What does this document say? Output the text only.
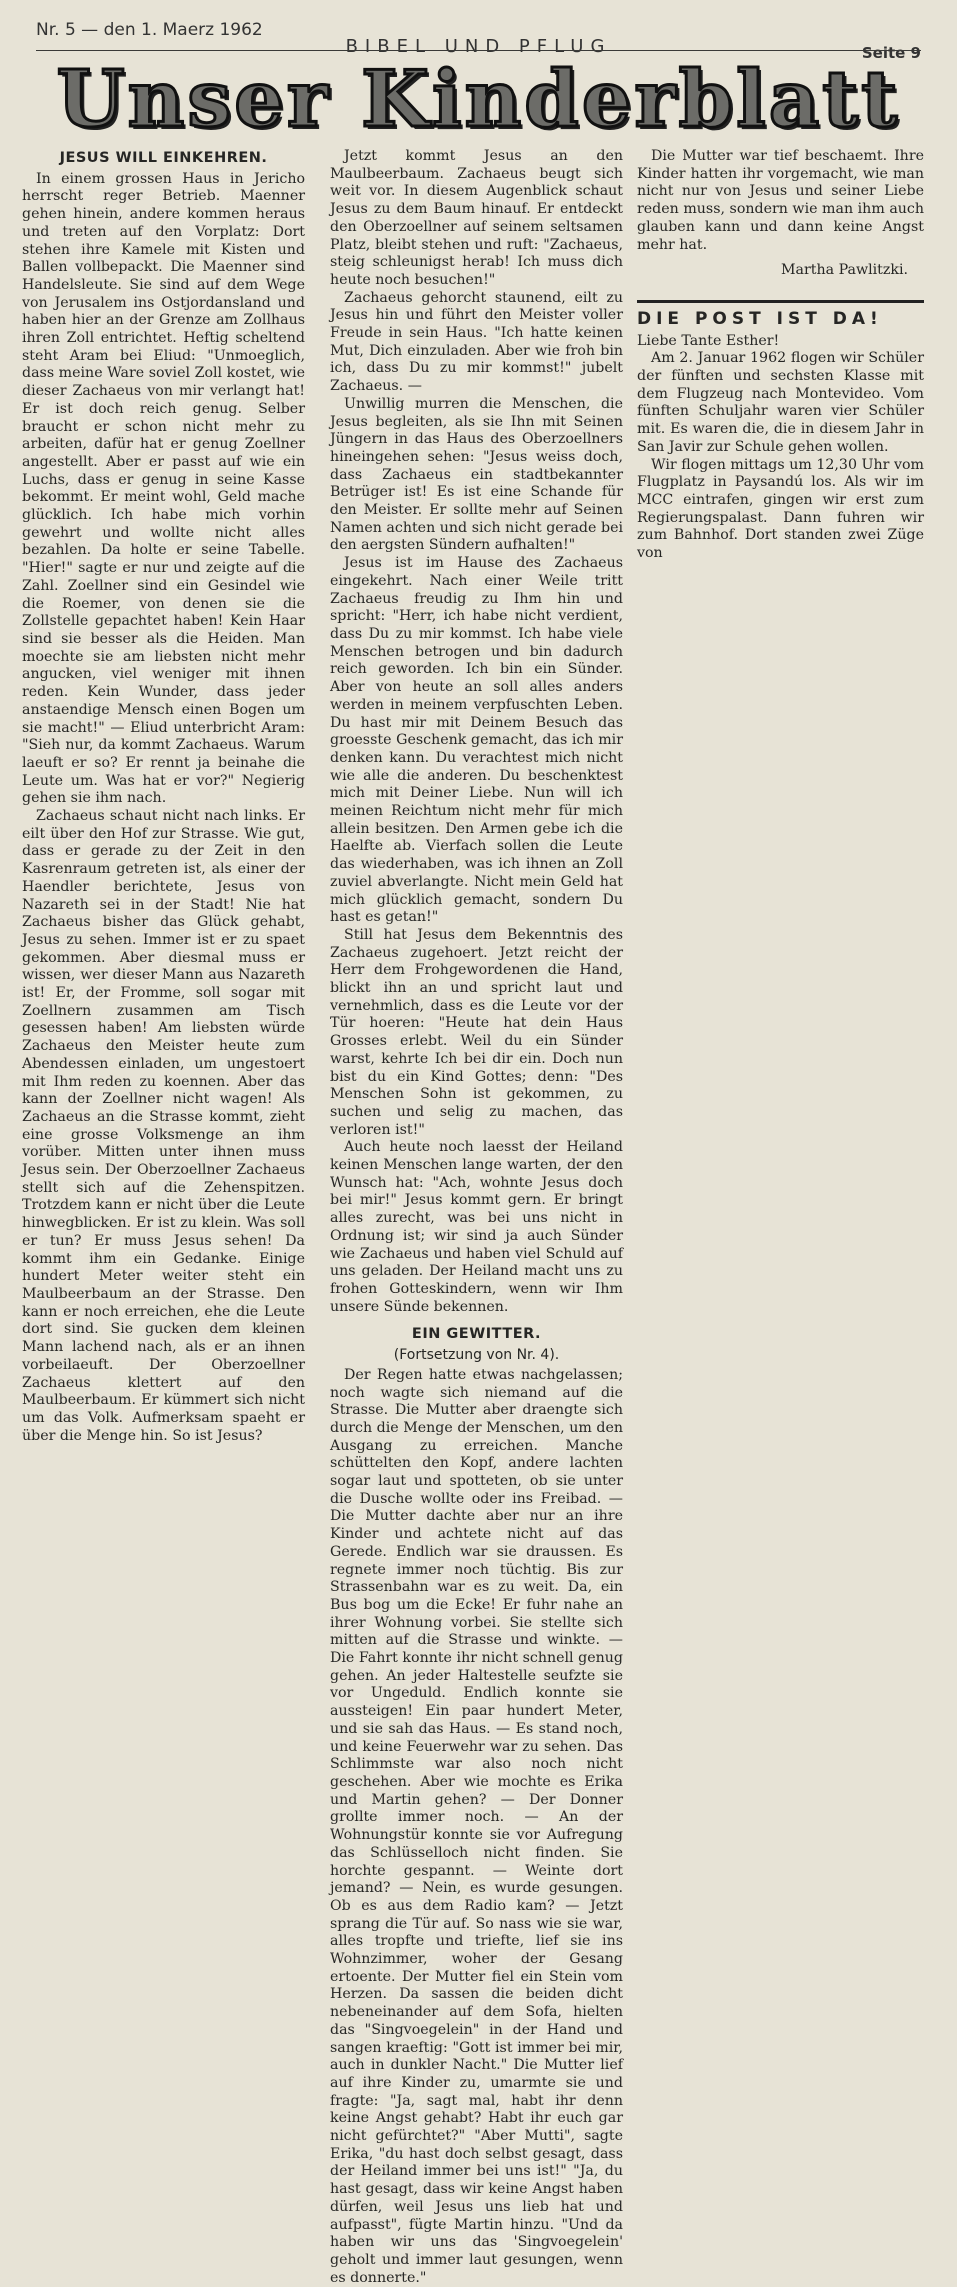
Nr. 5 — den 1. Maerz 1962
BIBEL UND PFLUG	Seite 9
Unser Kinderblatt
JESUS WILL EINKEHREN.

In einem grossen Haus in Jericho herrscht reger Betrieb. Maenner gehen hinein, andere kommen heraus und treten auf den Vorplatz: Dort stehen ihre Kamele mit Kisten und Ballen vollbepackt. Die Maenner sind Handelsleute. Sie sind auf dem Wege von Jerusalem ins Ostjordansland und haben hier an der Grenze am Zollhaus ihren Zoll entrichtet. Heftig scheltend steht Aram bei Eliud: "Unmoeglich, dass meine Ware soviel Zoll kostet, wie dieser Zachaeus von mir verlangt hat! Er ist doch reich genug. Selber braucht er schon nicht mehr zu arbeiten, dafür hat er genug Zoellner angestellt. Aber er passt auf wie ein Luchs, dass er genug in seine Kasse bekommt. Er meint wohl, Geld mache glücklich. Ich habe mich vorhin gewehrt und wollte nicht alles bezahlen. Da holte er seine Tabelle. "Hier!" sagte er nur und zeigte auf die Zahl. Zoellner sind ein Gesindel wie die Roemer, von denen sie die Zollstelle gepachtet haben! Kein Haar sind sie besser als die Heiden. Man moechte sie am liebsten nicht mehr angucken, viel weniger mit ihnen reden. Kein Wunder, dass jeder anstaendige Mensch einen Bogen um sie macht!" — Eliud unterbricht Aram: "Sieh nur, da kommt Zachaeus. Warum laeuft er so? Er rennt ja beinahe die Leute um. Was hat er vor?" Negierig gehen sie ihm nach.

Zachaeus schaut nicht nach links. Er eilt über den Hof zur Strasse. Wie gut, dass er gerade zu der Zeit in den Kasrenraum getreten ist, als einer der Haendler berichtete, Jesus von Nazareth sei in der Stadt! Nie hat Zachaeus bisher das Glück gehabt, Jesus zu sehen. Immer ist er zu spaet gekommen. Aber diesmal muss er wissen, wer dieser Mann aus Nazareth ist! Er, der Fromme, soll sogar mit Zoellnern zusammen am Tisch gesessen haben! Am liebsten würde Zachaeus den Meister heute zum Abendessen einladen, um ungestoert mit Ihm reden zu koennen. Aber das kann der Zoellner nicht wagen! Als Zachaeus an die Strasse kommt, zieht eine grosse Volksmenge an ihm vorüber. Mitten unter ihnen muss Jesus sein. Der Oberzoellner Zachaeus stellt sich auf die Zehenspitzen. Trotzdem kann er nicht über die Leute hinwegblicken. Er ist zu klein. Was soll er tun? Er muss Jesus sehen! Da kommt ihm ein Gedanke. Einige hundert Meter weiter steht ein Maulbeerbaum an der Strasse. Den kann er noch erreichen, ehe die Leute dort sind. Sie gucken dem kleinen Mann lachend nach, als er an ihnen vorbeilaeuft. Der Oberzoellner Zachaeus klettert auf den Maulbeerbaum. Er kümmert sich nicht um das Volk. Aufmerksam spaeht er über die Menge hin. So ist Jesus?

Jetzt kommt Jesus an den Maulbeerbaum. Zachaeus beugt sich weit vor. In diesem Augenblick schaut Jesus zu dem Baum hinauf. Er entdeckt den Oberzoellner auf seinem seltsamen Platz, bleibt stehen und ruft: "Zachaeus, steig schleunigst herab! Ich muss dich heute noch besuchen!"

Zachaeus gehorcht staunend, eilt zu Jesus hin und führt den Meister voller Freude in sein Haus. "Ich hatte keinen Mut, Dich einzuladen. Aber wie froh bin ich, dass Du zu mir kommst!" jubelt Zachaeus. —

Unwillig murren die Menschen, die Jesus begleiten, als sie Ihn mit Seinen Jüngern in das Haus des Oberzoellners hineingehen sehen: "Jesus weiss doch, dass Zachaeus ein stadtbekannter Betrüger ist! Es ist eine Schande für den Meister. Er sollte mehr auf Seinen Namen achten und sich nicht gerade bei den aergsten Sündern aufhalten!"

Jesus ist im Hause des Zachaeus eingekehrt. Nach einer Weile tritt Zachaeus freudig zu Ihm hin und spricht: "Herr, ich habe nicht verdient, dass Du zu mir kommst. Ich habe viele Menschen betrogen und bin dadurch reich geworden. Ich bin ein Sünder. Aber von heute an soll alles anders werden in meinem verpfuschten Leben. Du hast mir mit Deinem Besuch das groesste Geschenk gemacht, das ich mir denken kann. Du verachtest mich nicht wie alle die anderen. Du beschenktest mich mit Deiner Liebe. Nun will ich meinen Reichtum nicht mehr für mich allein besitzen. Den Armen gebe ich die Haelfte ab. Vierfach sollen die Leute das wiederhaben, was ich ihnen an Zoll zuviel abverlangte. Nicht mein Geld hat mich glücklich gemacht, sondern Du hast es getan!"

Still hat Jesus dem Bekenntnis des Zachaeus zugehoert. Jetzt reicht der Herr dem Frohgewordenen die Hand, blickt ihn an und spricht laut und vernehmlich, dass es die Leute vor der Tür hoeren: "Heute hat dein Haus Grosses erlebt. Weil du ein Sünder warst, kehrte Ich bei dir ein. Doch nun bist du ein Kind Gottes; denn: "Des Menschen Sohn ist gekommen, zu suchen und selig zu machen, das verloren ist!"

Auch heute noch laesst der Heiland keinen Menschen lange warten, der den Wunsch hat: "Ach, wohnte Jesus doch bei mir!" Jesus kommt gern. Er bringt alles zurecht, was bei uns nicht in Ordnung ist; wir sind ja auch Sünder wie Zachaeus und haben viel Schuld auf uns geladen. Der Heiland macht uns zu frohen Gotteskindern, wenn wir Ihm unsere Sünde bekennen.

EIN GEWITTER.
(Fortsetzung von Nr. 4).

Der Regen hatte etwas nachgelassen; noch wagte sich niemand auf die Strasse. Die Mutter aber draengte sich durch die Menge der Menschen, um den Ausgang zu erreichen. Manche schüttelten den Kopf, andere lachten sogar laut und spotteten, ob sie unter die Dusche wollte oder ins Freibad. — Die Mutter dachte aber nur an ihre Kinder und achtete nicht auf das Gerede. Endlich war sie draussen. Es regnete immer noch tüchtig. Bis zur Strassenbahn war es zu weit. Da, ein Bus bog um die Ecke! Er fuhr nahe an ihrer Wohnung vorbei. Sie stellte sich mitten auf die Strasse und winkte. — Die Fahrt konnte ihr nicht schnell genug gehen. An jeder Haltestelle seufzte sie vor Ungeduld. Endlich konnte sie aussteigen! Ein paar hundert Meter, und sie sah das Haus. — Es stand noch, und keine Feuerwehr war zu sehen. Das Schlimmste war also noch nicht geschehen. Aber wie mochte es Erika und Martin gehen? — Der Donner grollte immer noch. — An der Wohnungstür konnte sie vor Aufregung das Schlüsselloch nicht finden. Sie horchte gespannt. — Weinte dort jemand? — Nein, es wurde gesungen. Ob es aus dem Radio kam? — Jetzt sprang die Tür auf. So nass wie sie war, alles tropfte und triefte, lief sie ins Wohnzimmer, woher der Gesang ertoente. Der Mutter fiel ein Stein vom Herzen. Da sassen die beiden dicht nebeneinander auf dem Sofa, hielten das "Singvoegelein" in der Hand und sangen kraeftig: "Gott ist immer bei mir, auch in dunkler Nacht." Die Mutter lief auf ihre Kinder zu, umarmte sie und fragte: "Ja, sagt mal, habt ihr denn keine Angst gehabt? Habt ihr euch gar nicht gefürchtet?" "Aber Mutti", sagte Erika, "du hast doch selbst gesagt, dass der Heiland immer bei uns ist!" "Ja, du hast gesagt, dass wir keine Angst haben dürfen, weil Jesus uns lieb hat und aufpasst", fügte Martin hinzu. "Und da haben wir uns das 'Singvoegelein' geholt und immer laut gesungen, wenn es donnerte."

Die Mutter war tief beschaemt. Ihre Kinder hatten ihr vorgemacht, wie man nicht nur von Jesus und seiner Liebe reden muss, sondern wie man ihm auch glauben kann und dann keine Angst mehr hat.

Martha Pawlitzki.
DIE POST IST DA!

Liebe Tante Esther!

Am 2. Januar 1962 flogen wir Schüler der fünften und sechsten Klasse mit dem Flugzeug nach Montevideo. Vom fünften Schuljahr waren vier Schüler mit. Es waren die, die in diesem Jahr in San Javir zur Schule gehen wollen.

Wir flogen mittags um 12,30 Uhr vom Flugplatz in Paysandú los. Als wir im MCC eintrafen, gingen wir erst zum Regierungspalast. Dann fuhren wir zum Bahnhof. Dort standen zwei Züge von
